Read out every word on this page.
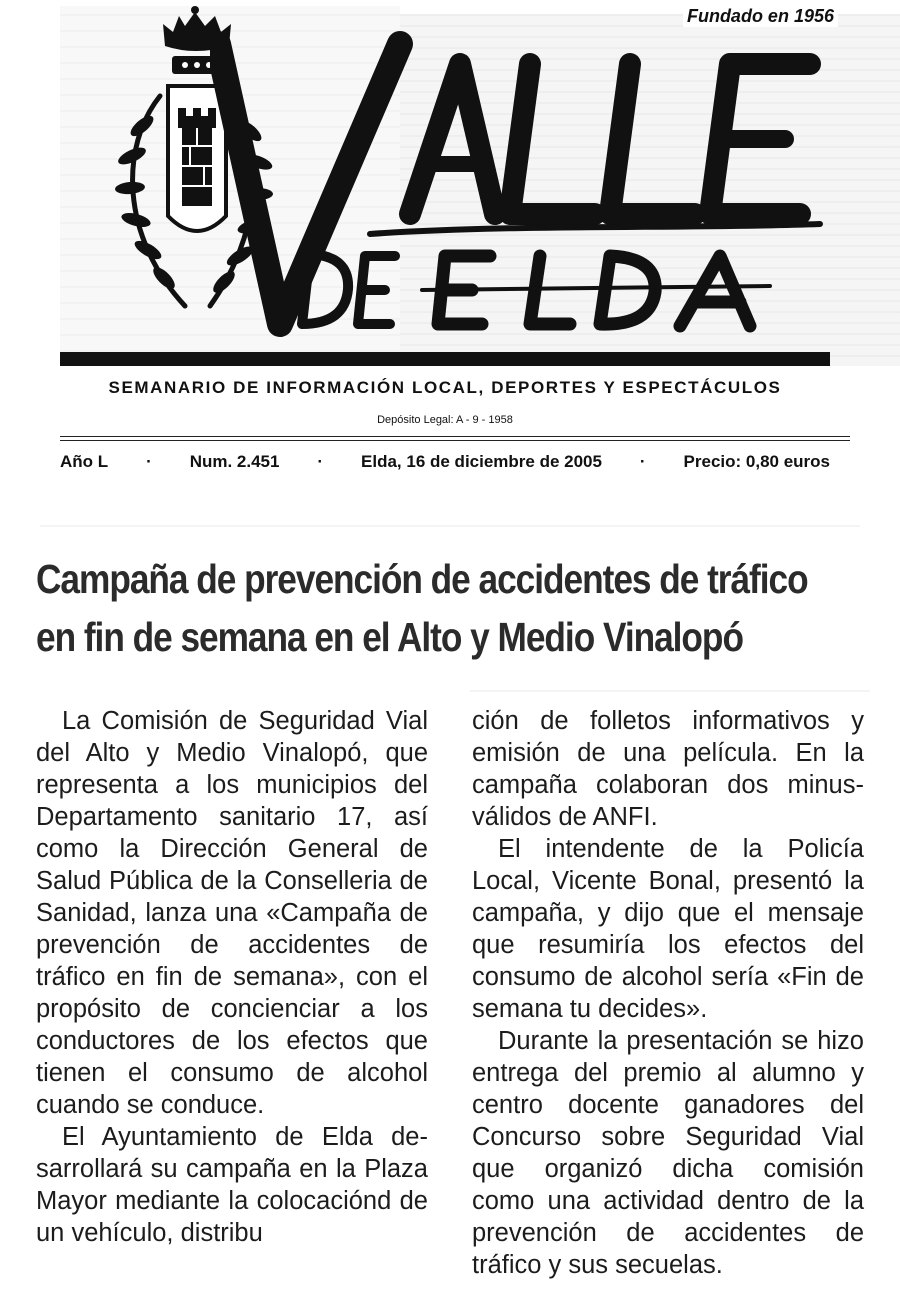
Fundado en 1956
SEMANARIO DE INFORMACIÓN LOCAL, DEPORTES Y ESPECTÁCULOS
Depósito Legal: A - 9 - 1958
Año L · Num. 2.451 · Elda, 16 de diciembre de 2005 · Precio: 0,80 euros
Campaña de prevención de accidentes de tráfico
en fin de semana en el Alto y Medio Vinalopó

La Comisión de Seguridad Vial del Alto y Medio Vinalopó, que representa a los municipios del Departamento sanitario 17, así como la Dirección General de Salud Pública de la Conselleria de Sanidad, lanza una «Campaña de prevención de accidentes de tráfico en fin de semana», con el propósito de concienciar a los conductores de los efectos que tienen el consumo de alcohol cuando se conduce.

El Ayuntamiento de Elda desarrollará su campaña en la Plaza Mayor mediante la colocaciónd de un vehículo, distribu

ción de folletos informativos y emisión de una película. En la campaña colaboran dos minusválidos de ANFI.

El intendente de la Policía Local, Vicente Bonal, presentó la campaña, y dijo que el mensaje que resumiría los efectos del consumo de alcohol sería «Fin de semana tu decides».

Durante la presentación se hizo entrega del premio al alumno y centro docente ganadores del Concurso sobre Seguridad Vial que organizó dicha comisión como una actividad dentro de la prevención de accidentes de tráfico y sus secuelas.
